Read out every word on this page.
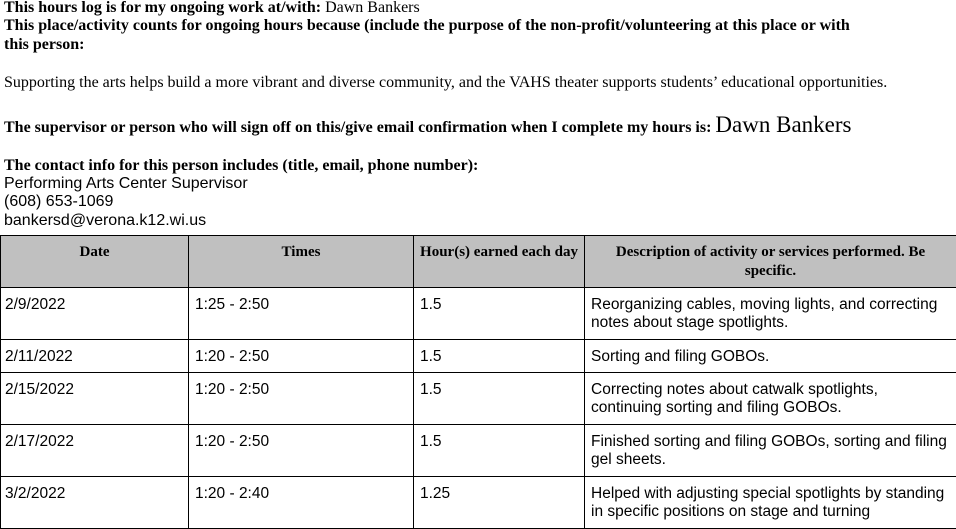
This hours log is for my ongoing work at/with: Dawn Bankers
This place/activity counts for ongoing hours because (include the purpose of the non-profit/volunteering at this place or with
this person:
Supporting the arts helps build a more vibrant and diverse community, and the VAHS theater supports students’ educational opportunities.
The supervisor or person who will sign off on this/give email confirmation when I complete my hours is: Dawn Bankers
The contact info for this person includes (title, email, phone number):
Performing Arts Center Supervisor
(608) 653-1069
bankersd@verona.k12.wi.us
Date	Times	Hour(s) earned each day	Description of activity or services performed. Be specific.
2/9/2022	1:25 - 2:50	1.5	Reorganizing cables, moving lights, and correcting notes about stage spotlights.
2/11/2022	1:20 - 2:50	1.5	Sorting and filing GOBOs.
2/15/2022	1:20 - 2:50	1.5	Correcting notes about catwalk spotlights, continuing sorting and filing GOBOs.
2/17/2022	1:20 - 2:50	1.5	Finished sorting and filing GOBOs, sorting and filing gel sheets.
3/2/2022	1:20 - 2:40	1.25	Helped with adjusting special spotlights by standing in specific positions on stage and turning
